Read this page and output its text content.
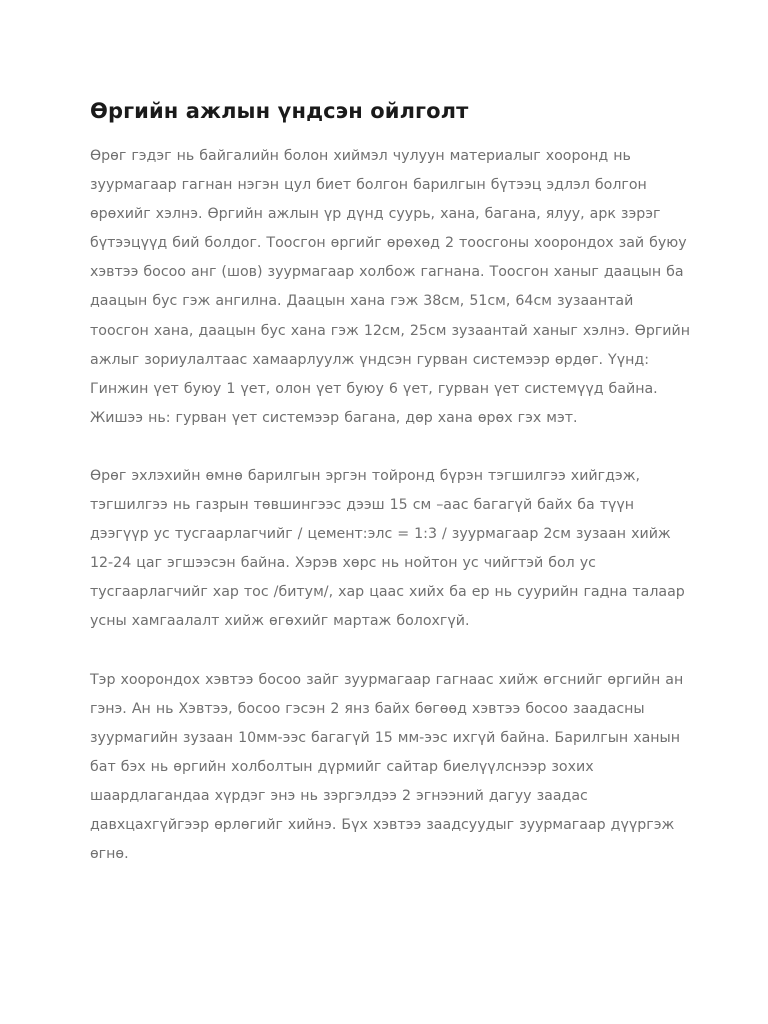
Өргийн ажлын үндсэн ойлголт

Өрөг гэдэг нь байгалийн болон хиймэл чулуун материалыг хооронд нь зуурмагаар гагнан нэгэн цул биет болгон барилгын бүтээц эдлэл болгон өрөхийг хэлнэ. Өргийн ажлын үр дүнд суурь, хана, багана, ялуу, арк зэрэг бүтээцүүд бий болдог. Тоосгон өргийг өрөхөд 2 тоосгоны хоорондох зай буюу хэвтээ босоо анг (шов) зуурмагаар холбож гагнана. Тоосгон ханыг даацын ба даацын бус гэж ангилна. Даацын хана гэж 38см, 51см, 64см зузаантай тоосгон хана, даацын бус хана гэж 12см, 25см зузаантай ханыг хэлнэ. Өргийн ажлыг зориулалтаас хамаарлуулж үндсэн гурван системээр өрдөг. Үүнд: Гинжин үет буюу 1 үет, олон үет буюу 6 үет, гурван үет системүүд байна. Жишээ нь: гурван үет системээр багана, дөр хана өрөх гэх мэт.

Өрөг эхлэхийн өмнө барилгын эргэн тойронд бүрэн тэгшилгээ хийгдэж, тэгшилгээ нь газрын төвшингээс дээш 15 см –аас багагүй байх ба түүн дээгүүр ус тусгаарлагчийг / цемент:элс = 1:3 / зуурмагаар 2см зузаан хийж 12-24 цаг эгшээсэн байна. Хэрэв хөрс нь нойтон ус чийгтэй бол ус тусгаарлагчийг хар тос /битум/, хар цаас хийх ба ер нь суурийн гадна талаар усны хамгаалалт хийж өгөхийг мартаж болохгүй.

Тэр хоорондох хэвтээ босоо зайг зуурмагаар гагнаас хийж өгснийг өргийн ан гэнэ. Ан нь Хэвтээ, босоо гэсэн 2 янз байх бөгөөд хэвтээ босоо заадасны зуурмагийн зузаан 10мм-ээс багагүй 15 мм-ээс ихгүй байна. Барилгын ханын бат бэх нь өргийн холболтын дүрмийг сайтар биелүүлснээр зохих шаардлагандаа хүрдэг энэ нь зэргэлдээ 2 эгнээний дагуу заадас давхцахгүйгээр өрлөгийг хийнэ. Бүх хэвтээ заадсуудыг зуурмагаар дүүргэж өгнө.
